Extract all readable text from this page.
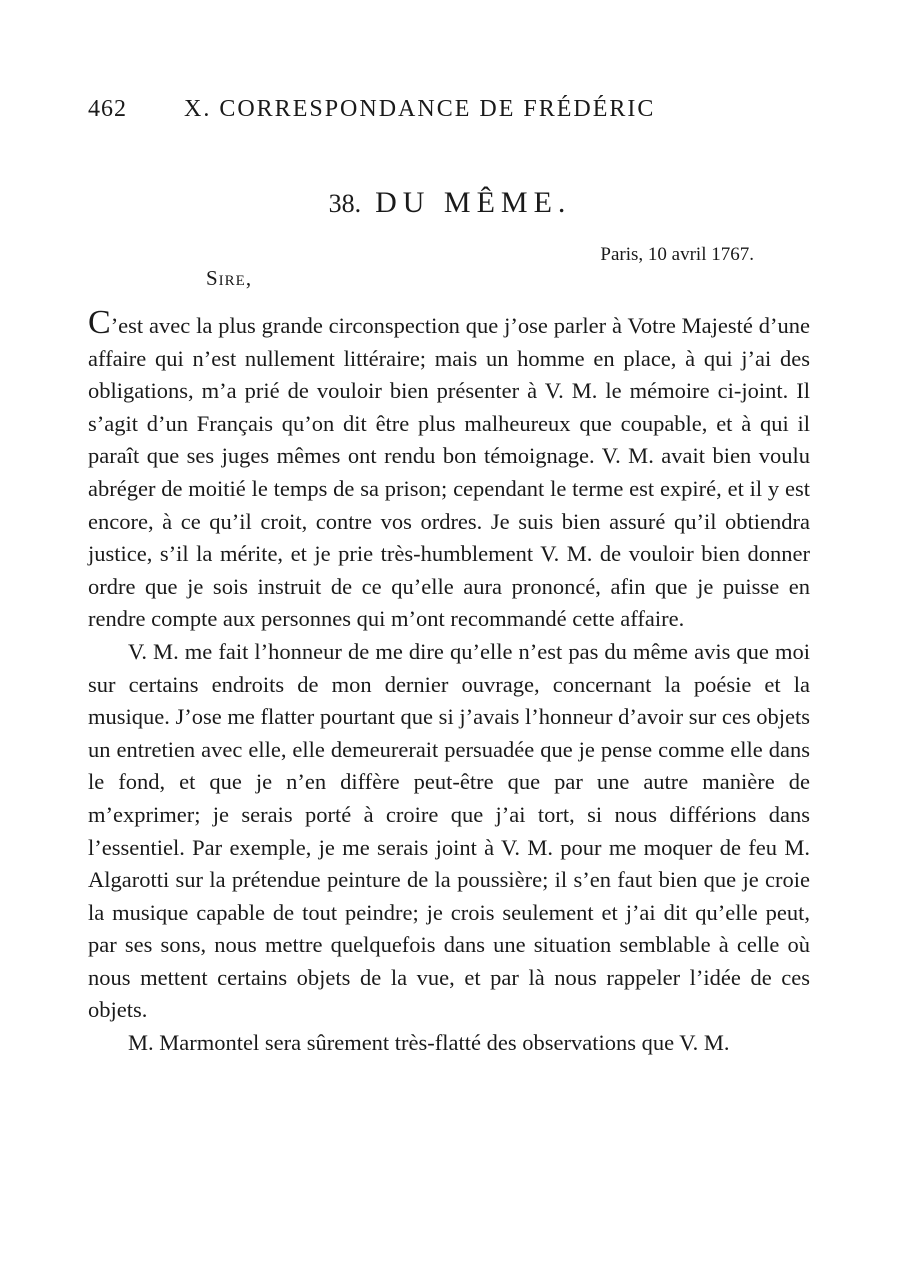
462 X. CORRESPONDANCE DE FRÉDÉRIC
38. DU MÊME.
Paris, 10 avril 1767.
Sire,

C’est avec la plus grande circonspection que j’ose parler à Votre Majesté d’une affaire qui n’est nullement littéraire; mais un homme en place, à qui j’ai des obligations, m’a prié de vouloir bien présenter à V. M. le mémoire ci-joint. Il s’agit d’un Français qu’on dit être plus malheureux que coupable, et à qui il paraît que ses juges mêmes ont rendu bon témoignage. V. M. avait bien voulu abréger de moitié le temps de sa prison; cependant le terme est expiré, et il y est encore, à ce qu’il croit, contre vos ordres. Je suis bien assuré qu’il obtiendra justice, s’il la mérite, et je prie très-humblement V. M. de vouloir bien donner ordre que je sois instruit de ce qu’elle aura prononcé, afin que je puisse en rendre compte aux personnes qui m’ont recommandé cette affaire.

V. M. me fait l’honneur de me dire qu’elle n’est pas du même avis que moi sur certains endroits de mon dernier ouvrage, concernant la poésie et la musique. J’ose me flatter pourtant que si j’avais l’honneur d’avoir sur ces objets un entretien avec elle, elle demeurerait persuadée que je pense comme elle dans le fond, et que je n’en diffère peut-être que par une autre manière de m’exprimer; je serais porté à croire que j’ai tort, si nous différions dans l’essentiel. Par exemple, je me serais joint à V. M. pour me moquer de feu M. Algarotti sur la prétendue peinture de la poussière; il s’en faut bien que je croie la musique capable de tout peindre; je crois seulement et j’ai dit qu’elle peut, par ses sons, nous mettre quelquefois dans une situation semblable à celle où nous mettent certains objets de la vue, et par là nous rappeler l’idée de ces objets.

M. Marmontel sera sûrement très-flatté des observations que V. M.
